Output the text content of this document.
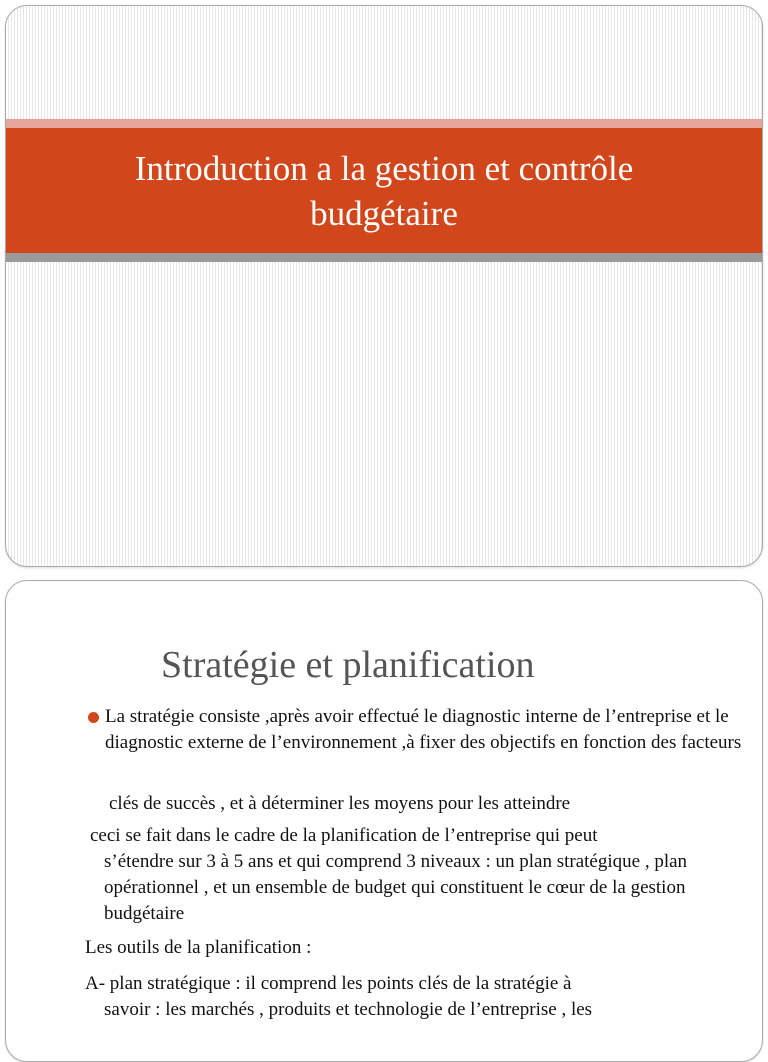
Introduction a la gestion et contrôle
budgétaire
Stratégie et planification
La stratégie consiste ,après avoir effectué le diagnostic interne de l’entreprise et le diagnostic externe de l’environnement ,à fixer des objectifs en fonction des facteurs
clés de succès , et à déterminer les moyens pour les atteindre
ceci se fait dans le cadre de la planification de l’entreprise qui peut
s’étendre sur 3 à 5 ans et qui comprend 3 niveaux : un plan stratégique , plan opérationnel , et un ensemble de budget qui constituent le cœur de la gestion budgétaire
Les outils de la planification :
A- plan stratégique : il comprend les points clés de la stratégie à
savoir : les marchés , produits et technologie de l’entreprise , les
